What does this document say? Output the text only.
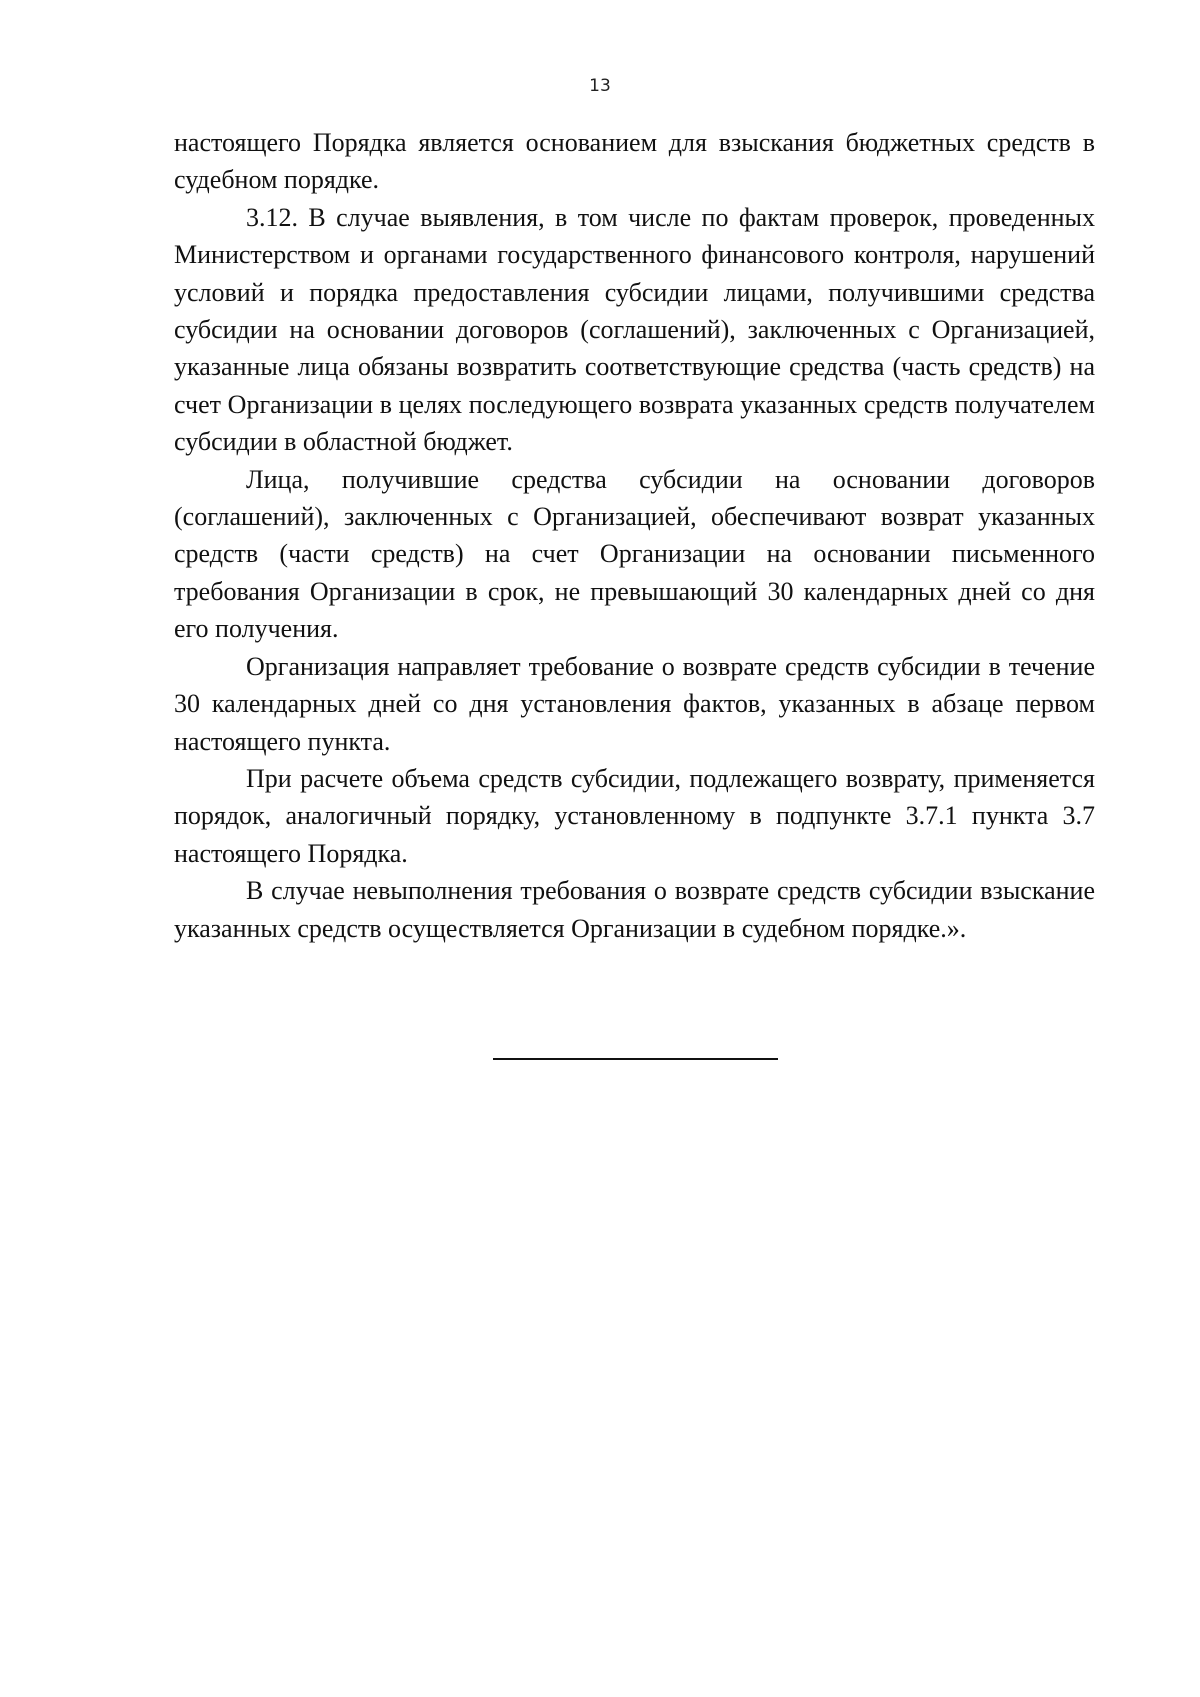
13

настоящего Порядка является основанием для взыскания бюджетных средств в судебном порядке.

3.12. В случае выявления, в том числе по фактам проверок, проведенных Министерством и органами государственного финансового контроля, нарушений условий и порядка предоставления субсидии лицами, получившими средства субсидии на основании договоров (соглашений), заключенных с Организацией, указанные лица обязаны возвратить соответствующие средства (часть средств) на счет Организации в целях последующего возврата указанных средств получателем субсидии в областной бюджет.

Лица, получившие средства субсидии на основании договоров (соглашений), заключенных с Организацией, обеспечивают возврат указанных средств (части средств) на счет Организации на основании письменного требования Организации в срок, не превышающий 30 календарных дней со дня его получения.

Организация направляет требование о возврате средств субсидии в течение 30 календарных дней со дня установления фактов, указанных в абзаце первом настоящего пункта.

При расчете объема средств субсидии, подлежащего возврату, применяется порядок, аналогичный порядку, установленному в подпункте 3.7.1 пункта 3.7 настоящего Порядка.

В случае невыполнения требования о возврате средств субсидии взыскание указанных средств осуществляется Организации в судебном порядке.».
